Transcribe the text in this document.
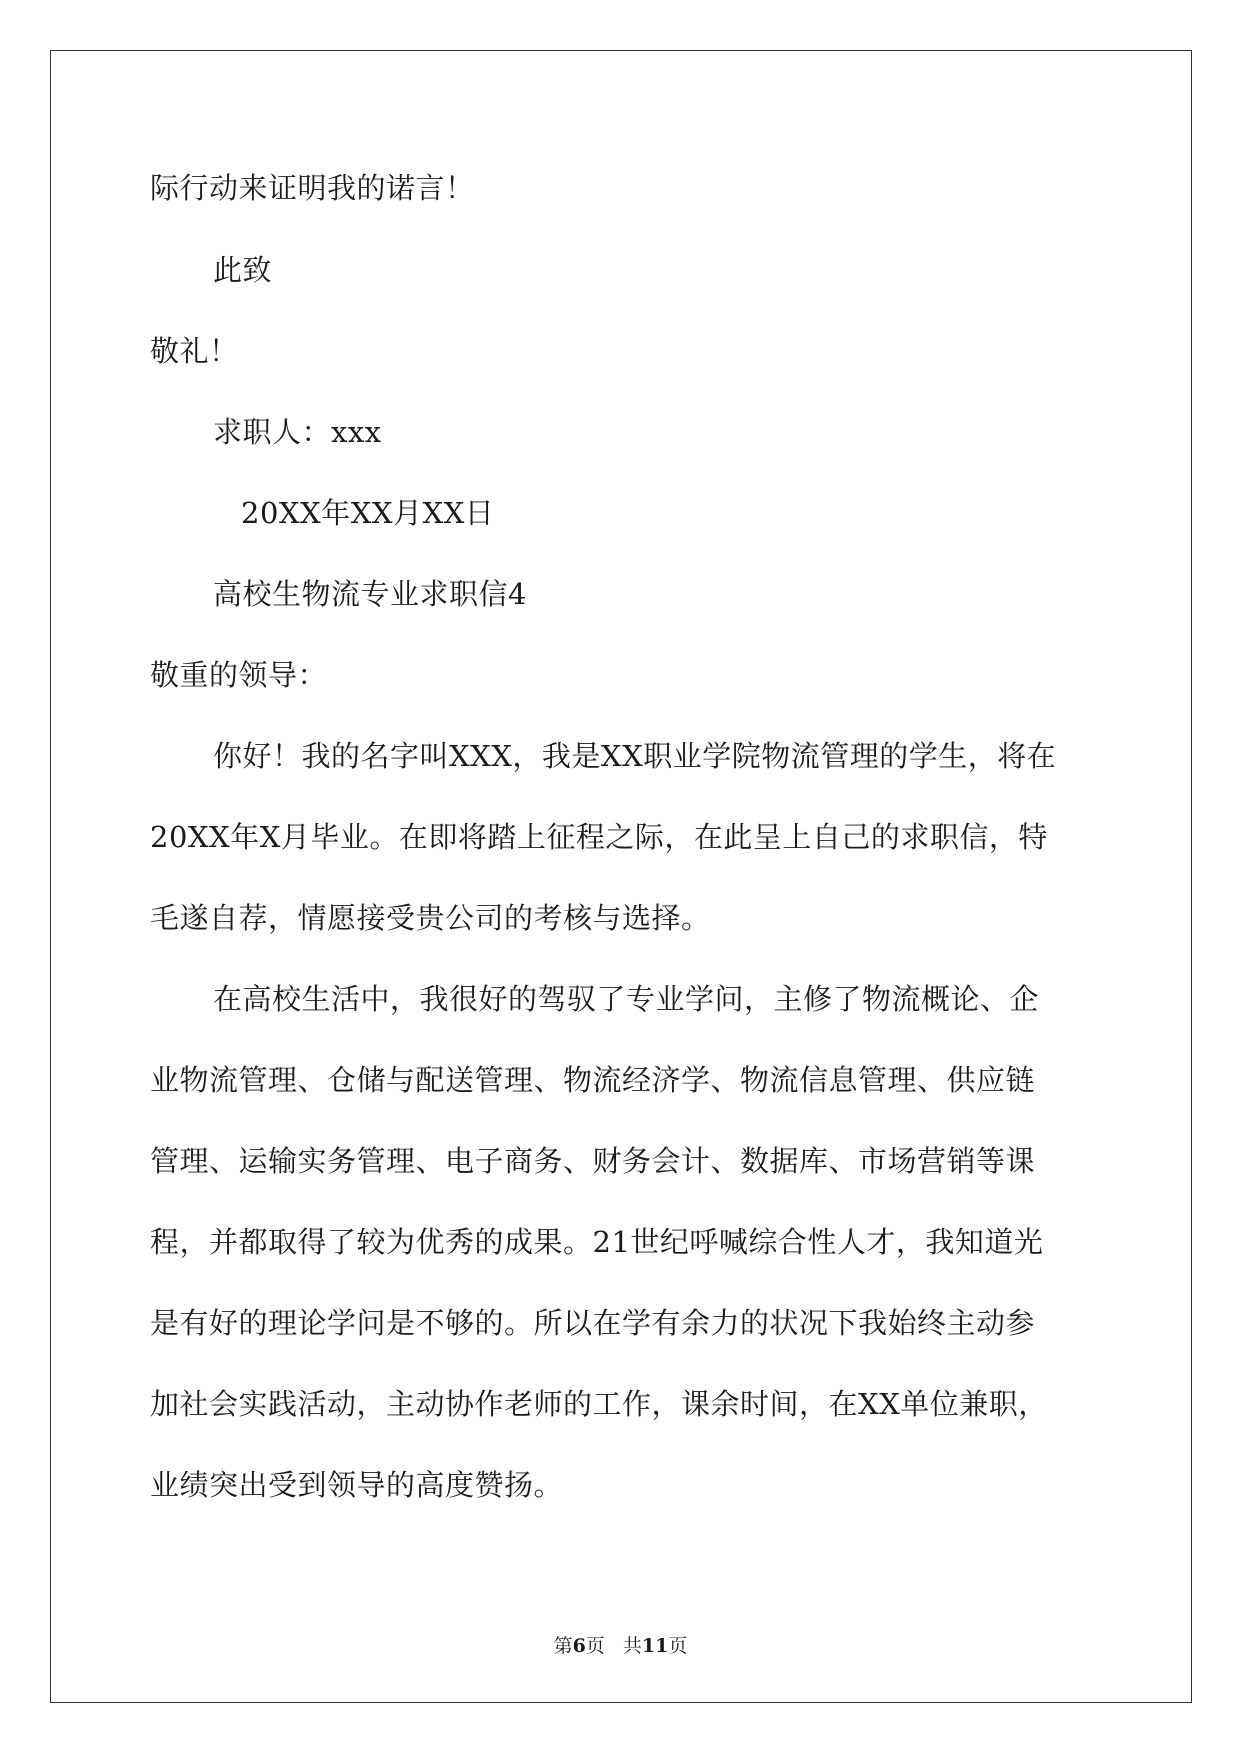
际行动来证明我的诺言！
此致
敬礼！
求职人：xxx
20XX年XX月XX日
高校生物流专业求职信4
敬重的领导：
你好！我的名字叫XXX，我是XX职业学院物流管理的学生，将在
20XX年X月毕业。在即将踏上征程之际，在此呈上自己的求职信，特
毛遂自荐，情愿接受贵公司的考核与选择。
在高校生活中，我很好的驾驭了专业学问，主修了物流概论、企
业物流管理、仓储与配送管理、物流经济学、物流信息管理、供应链
管理、运输实务管理、电子商务、财务会计、数据库、市场营销等课
程，并都取得了较为优秀的成果。21世纪呼喊综合性人才，我知道光
是有好的理论学问是不够的。所以在学有余力的状况下我始终主动参
加社会实践活动，主动协作老师的工作，课余时间，在XX单位兼职，
业绩突出受到领导的高度赞扬。
第6页 共11页
